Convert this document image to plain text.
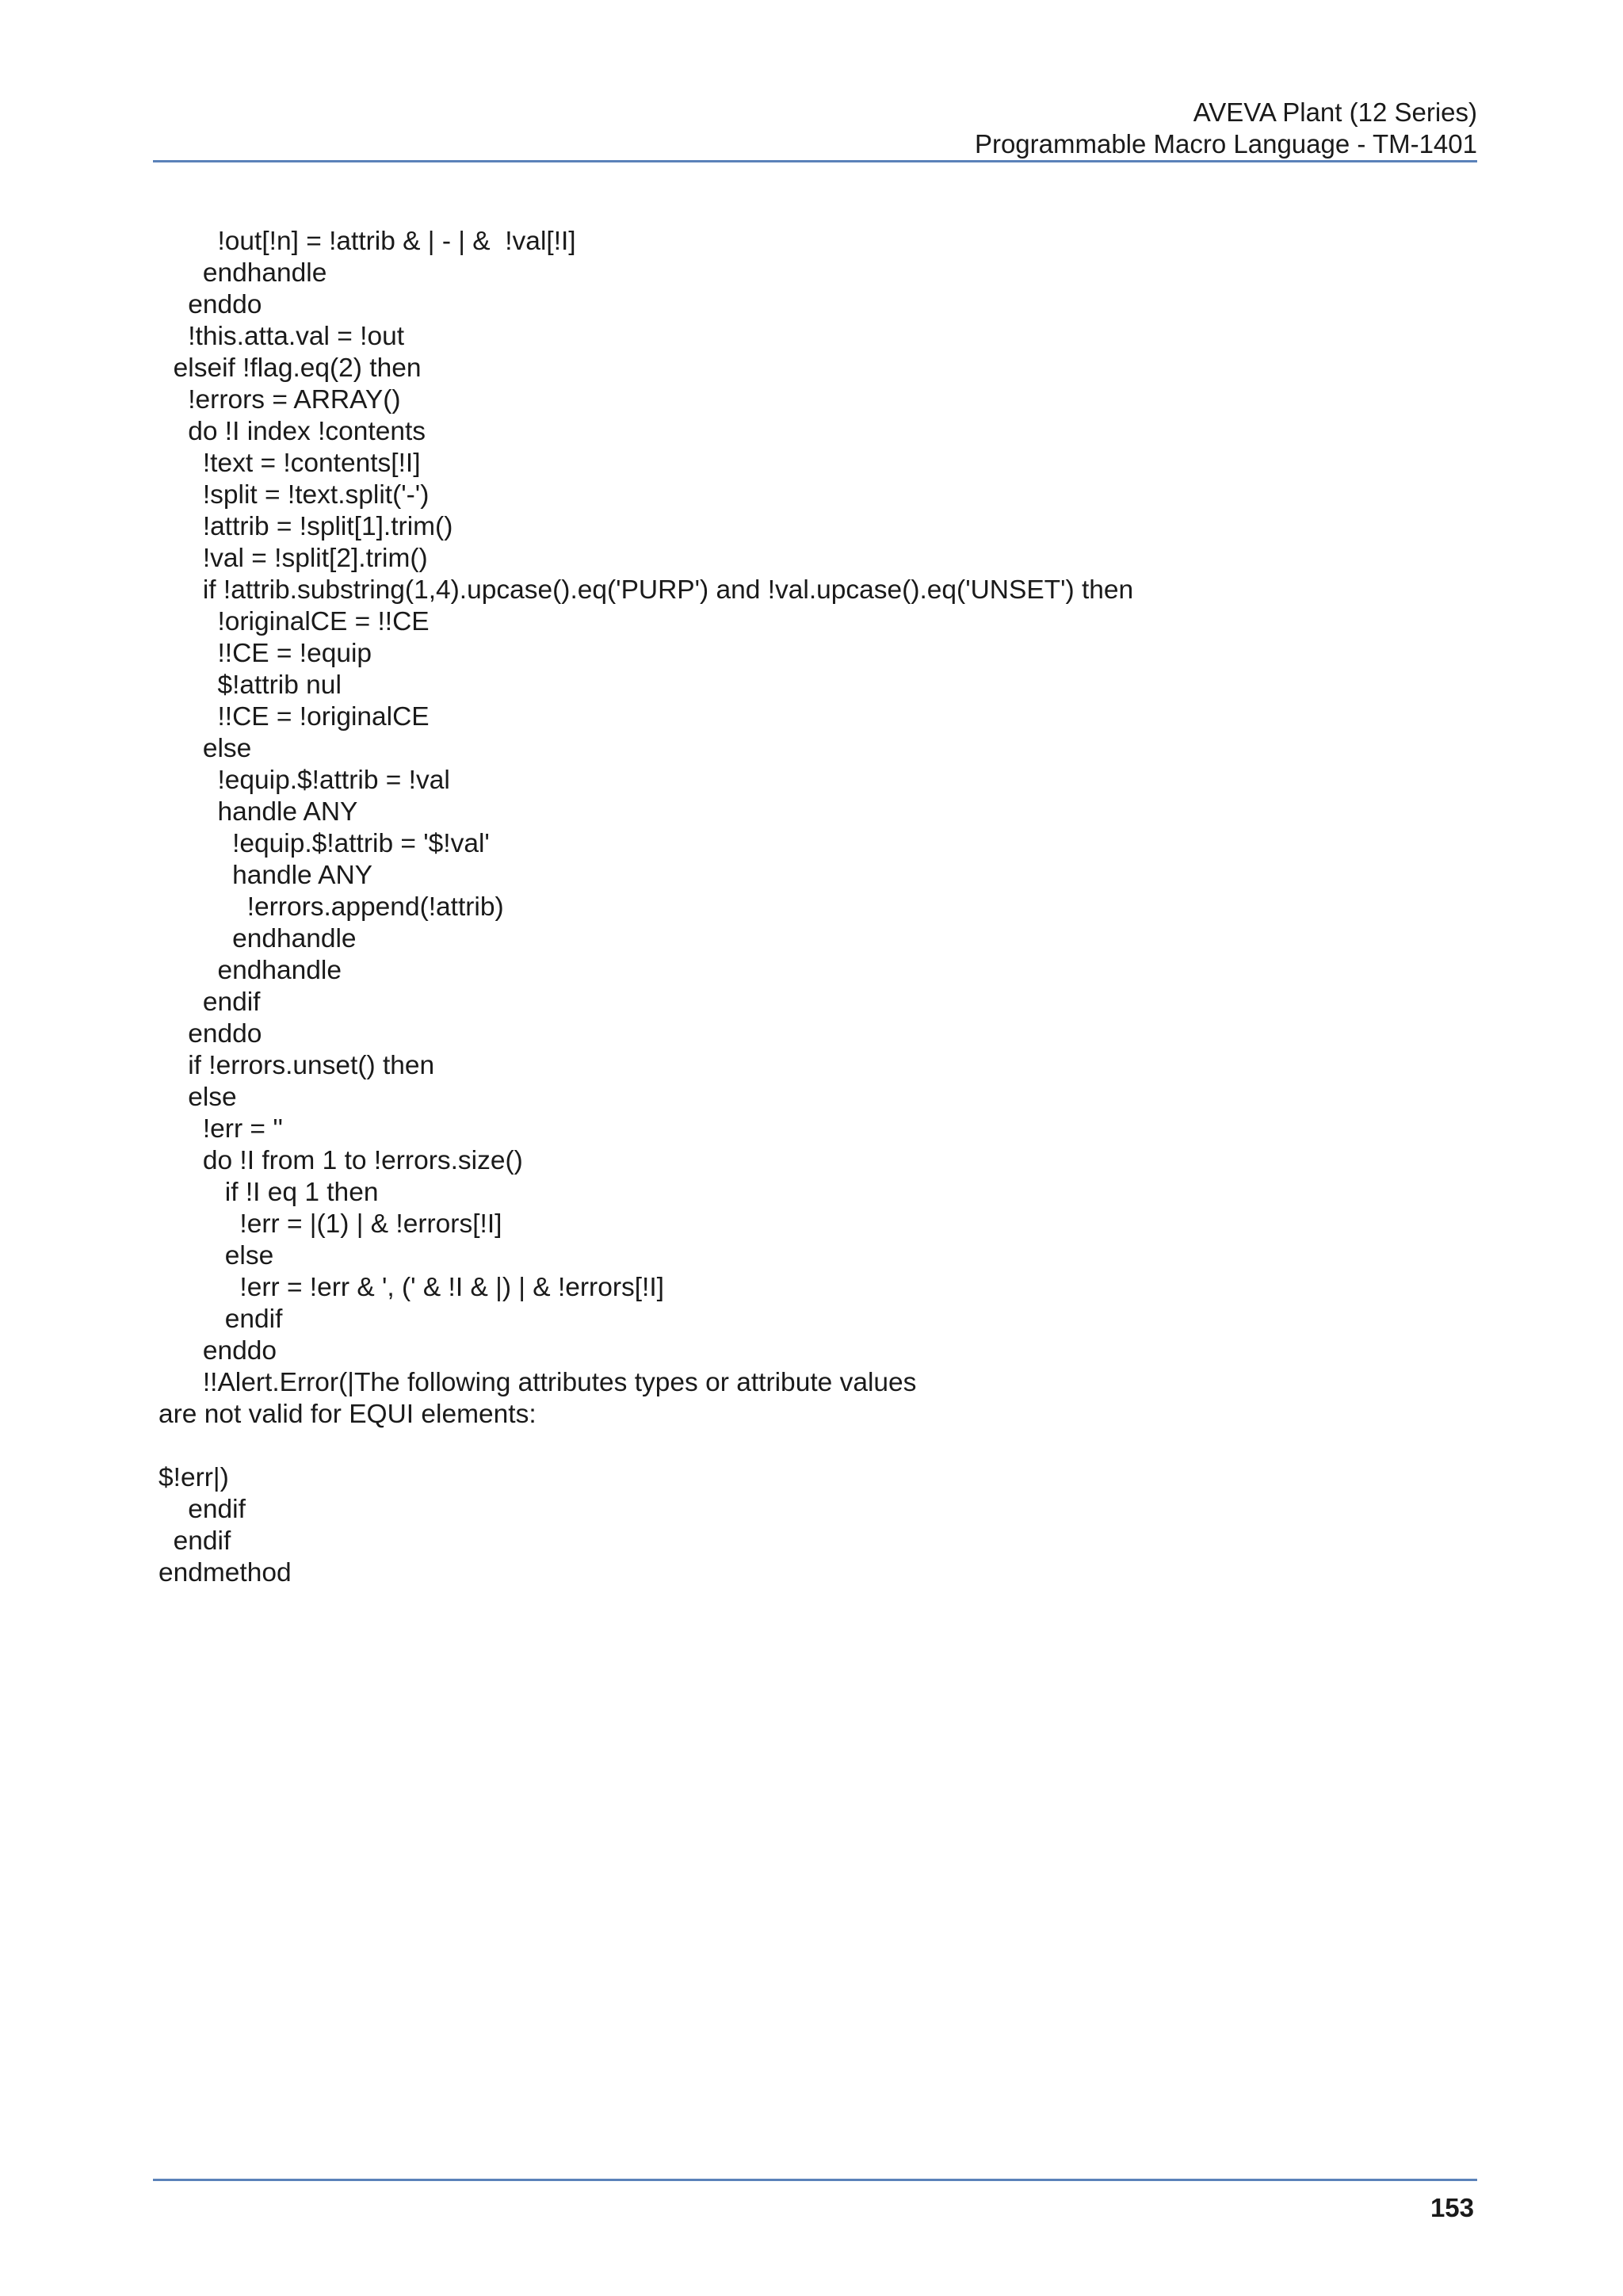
AVEVA Plant (12 Series)
Programmable Macro Language - TM-1401
!out[!n] = !attrib & | - | &  !val[!I]
endhandle
enddo
!this.atta.val = !out
elseif !flag.eq(2) then
!errors = ARRAY()
do !I index !contents
!text = !contents[!I]
!split = !text.split('-')
!attrib = !split[1].trim()
!val = !split[2].trim()
if !attrib.substring(1,4).upcase().eq('PURP') and !val.upcase().eq('UNSET') then
!originalCE = !!CE
!!CE = !equip
$!attrib nul
!!CE = !originalCE
else
!equip.$!attrib = !val
handle ANY
!equip.$!attrib = '$!val'
handle ANY
!errors.append(!attrib)
endhandle
endhandle
endif
enddo
if !errors.unset() then
else
!err = ''
do !I from 1 to !errors.size()
if !I eq 1 then
!err = |(1) | & !errors[!I]
else
!err = !err & ', (' & !I & |) | & !errors[!I]
endif
enddo
!!Alert.Error(|The following attributes types or attribute values
are not valid for EQUI elements:
$!err|)
endif
endif
endmethod
153
